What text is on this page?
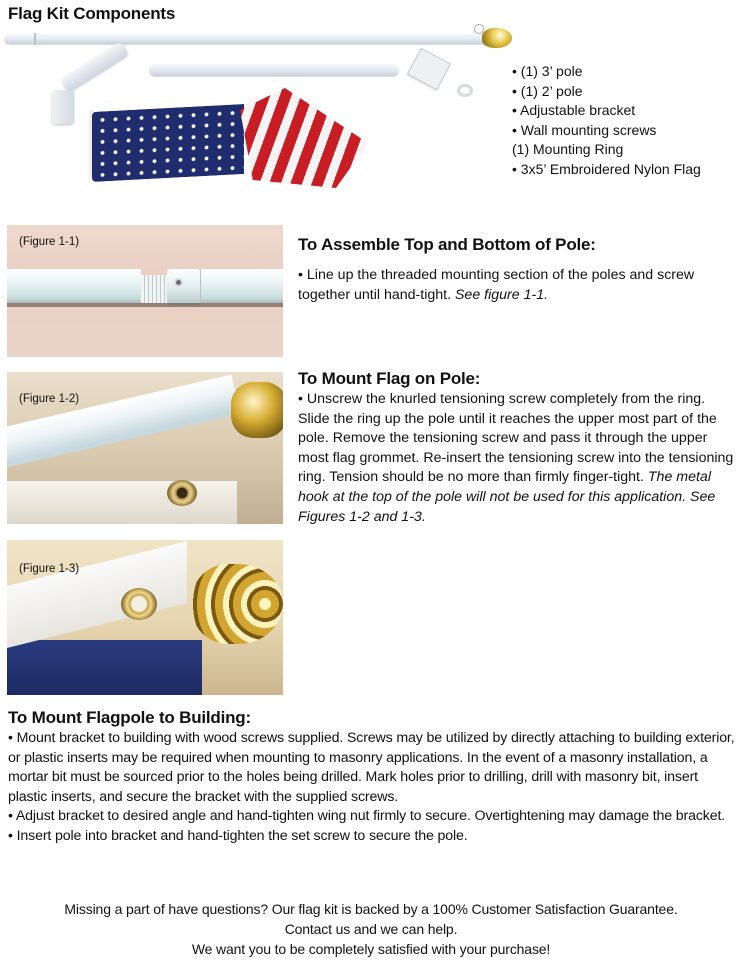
Flag Kit Components
• (1) 3’ pole
• (1) 2’ pole
• Adjustable bracket
• Wall mounting screws
(1) Mounting Ring
• 3x5’ Embroidered Nylon Flag
(Figure 1-1)
(Figure 1-2)
(Figure 1-3)
To Assemble Top and Bottom of Pole:

• Line up the threaded mounting section of the poles and screw together until hand-tight. See figure 1-1.

To Mount Flag on Pole:

• Unscrew the knurled tensioning screw completely from the ring. Slide the ring up the pole until it reaches the upper most part of the pole. Remove the tensioning screw and pass it through the upper most flag grommet. Re-insert the tensioning screw into the tensioning ring. Tension should be no more than firmly finger-tight. The metal hook at the top of the pole will not be used for this application. See Figures 1-2 and 1-3.

To Mount Flagpole to Building:

• Mount bracket to building with wood screws supplied. Screws may be utilized by directly attaching to building exterior, or plastic inserts may be required when mounting to masonry applications. In the event of a masonry installation, a mortar bit must be sourced prior to the holes being drilled. Mark holes prior to drilling, drill with masonry bit, insert plastic inserts, and secure the bracket with the supplied screws.

• Adjust bracket to desired angle and hand-tighten wing nut firmly to secure. Overtightening may damage the bracket.

• Insert pole into bracket and hand-tighten the set screw to secure the pole.

Missing a part of have questions? Our flag kit is backed by a 100% Customer Satisfaction Guarantee.
Contact us and we can help.
We want you to be completely satisfied with your purchase!
